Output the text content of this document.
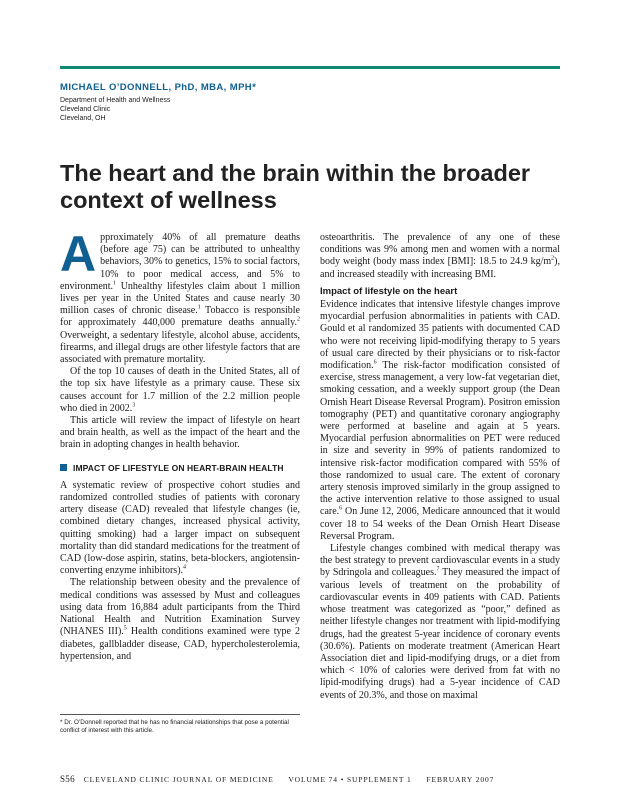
MICHAEL O’DONNELL, PhD, MBA, MPH*
Department of Health and Wellness
Cleveland Clinic
Cleveland, OH
The heart and the brain within the broader context of wellness

Approximately 40% of all premature deaths (before age 75) can be attributed to unhealthy behaviors, 30% to genetics, 15% to social factors, 10% to poor medical access, and 5% to environment.$^1$ Unhealthy lifestyles claim about 1 million lives per year in the United States and cause nearly 30 million cases of chronic disease.$^1$ Tobacco is responsible for approximately 440,000 premature deaths annually.$^2$ Overweight, a sedentary lifestyle, alcohol abuse, accidents, firearms, and illegal drugs are other lifestyle factors that are associated with premature mortality.

Of the top 10 causes of death in the United States, all of the top six have lifestyle as a primary cause. These six causes account for 1.7 million of the 2.2 million people who died in 2002.$^3$

This article will review the impact of lifestyle on heart and brain health, as well as the impact of the heart and the brain in adopting changes in health behavior.

IMPACT OF LIFESTYLE ON HEART-BRAIN HEALTH

A systematic review of prospective cohort studies and randomized controlled studies of patients with coronary artery disease (CAD) revealed that lifestyle changes (ie, combined dietary changes, increased physical activity, quitting smoking) had a larger impact on subsequent mortality than did standard medications for the treatment of CAD (low-dose aspirin, statins, beta-blockers, angiotensin-converting enzyme inhibitors).$^4$

The relationship between obesity and the prevalence of medical conditions was assessed by Must and colleagues using data from 16,884 adult participants from the Third National Health and Nutrition Examination Survey (NHANES III).$^5$ Health conditions examined were type 2 diabetes, gallbladder disease, CAD, hypercholesterolemia, hypertension, and

osteoarthritis. The prevalence of any one of these conditions was 9% among men and women with a normal body weight (body mass index [BMI]: 18.5 to 24.9 $kg/m^2$), and increased steadily with increasing BMI.

Impact of lifestyle on the heart

Evidence indicates that intensive lifestyle changes improve myocardial perfusion abnormalities in patients with CAD. Gould et al randomized 35 patients with documented CAD who were not receiving lipid-modifying therapy to 5 years of usual care directed by their physicians or to risk-factor modification.$^6$ The risk-factor modification consisted of exercise, stress management, a very low-fat vegetarian diet, smoking cessation, and a weekly support group (the Dean Ornish Heart Disease Reversal Program). Positron emission tomography (PET) and quantitative coronary angiography were performed at baseline and again at 5 years. Myocardial perfusion abnormalities on PET were reduced in size and severity in 99% of patients randomized to intensive risk-factor modification compared with 55% of those randomized to usual care. The extent of coronary artery stenosis improved similarly in the group assigned to the active intervention relative to those assigned to usual care.$^6$ On June 12, 2006, Medicare announced that it would cover 18 to 54 weeks of the Dean Ornish Heart Disease Reversal Program.

Lifestyle changes combined with medical therapy was the best strategy to prevent cardiovascular events in a study by Sdringola and colleagues.$^7$ They measured the impact of various levels of treatment on the probability of cardiovascular events in 409 patients with CAD. Patients whose treatment was categorized as “poor,” defined as neither lifestyle changes nor treatment with lipid-modifying drugs, had the greatest 5-year incidence of coronary events (30.6%). Patients on moderate treatment (American Heart Association diet and lipid-modifying drugs, or a diet from which < 10% of calories were derived from fat with no lipid-modifying drugs) had a 5-year incidence of CAD events of 20.3%, and those on maximal

* Dr. O’Donnell reported that he has no financial relationships that pose a potential conflict of interest with this article.
S56 CLEVELAND CLINIC JOURNAL OF MEDICINE VOLUME 74 • SUPPLEMENT 1 FEBRUARY 2007
